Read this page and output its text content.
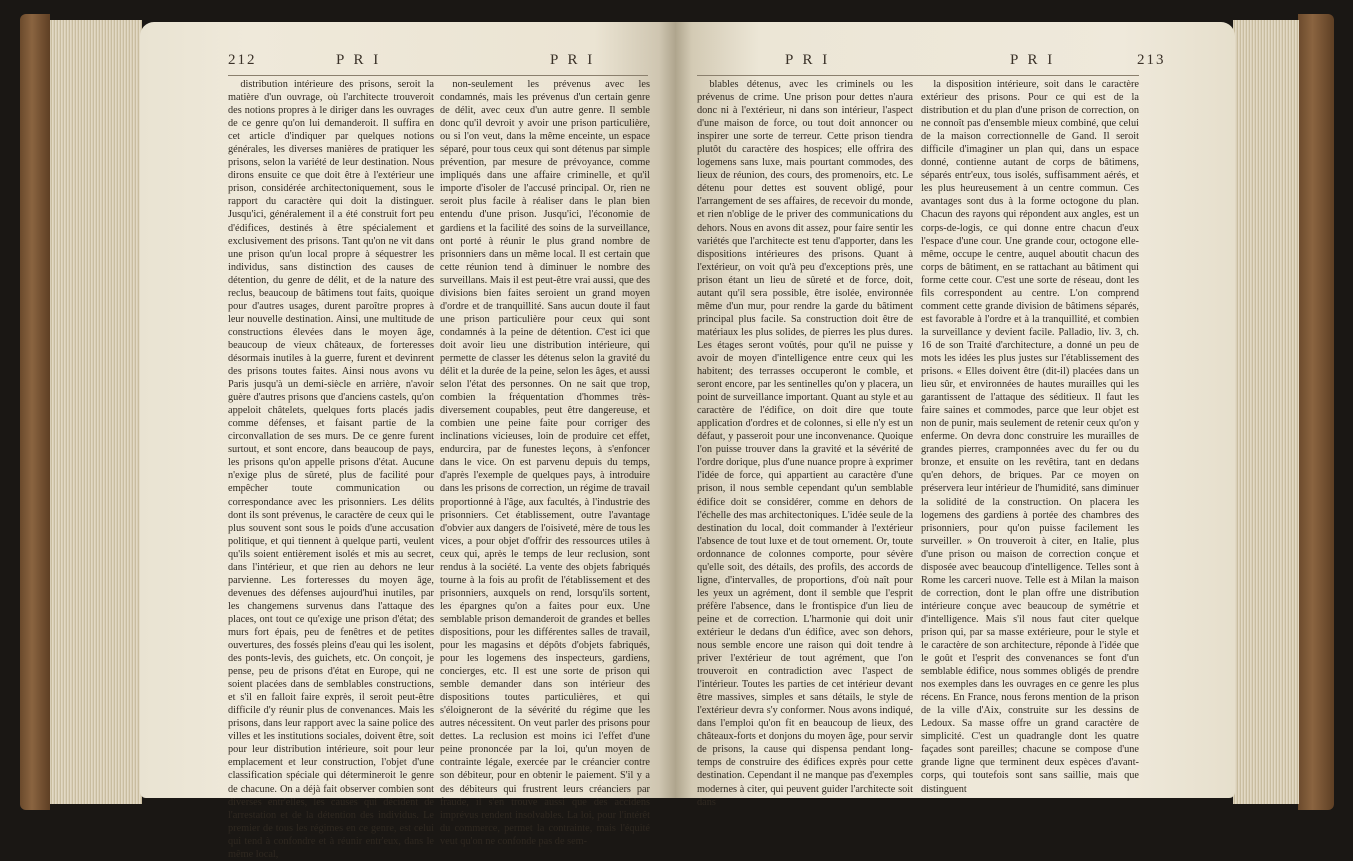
212	P R I	P R I

distribution intérieure des prisons, seroit la matière d'un ouvrage, où l'architecte trouveroit des notions propres à le diriger dans les ouvrages de ce genre qu'on lui demanderoit. Il suffira en cet article d'indiquer par quelques notions générales, les diverses manières de pratiquer les prisons, selon la variété de leur destination. Nous dirons ensuite ce que doit être à l'extérieur une prison, considérée architectoniquement, sous le rapport du caractère qui doit la distinguer. Jusqu'ici, généralement il a été construit fort peu d'édifices, destinés à être spécialement et exclusivement des prisons. Tant qu'on ne vit dans une prison qu'un local propre à séquestrer les individus, sans distinction des causes de détention, du genre de délit, et de la nature des reclus, beaucoup de bâtimens tout faits, quoique pour d'autres usages, durent paroître propres à leur nouvelle destination. Ainsi, une multitude de constructions élevées dans le moyen âge, beaucoup de vieux châteaux, de forteresses désormais inutiles à la guerre, furent et devinrent des prisons toutes faites. Ainsi nous avons vu Paris jusqu'à un demi-siècle en arrière, n'avoir guère d'autres prisons que d'anciens castels, qu'on appeloit châtelets, quelques forts placés jadis comme défenses, et faisant partie de la circonvallation de ses murs. De ce genre furent surtout, et sont encore, dans beaucoup de pays, les prisons qu'on appelle prisons d'état. Aucune n'exige plus de sûreté, plus de facilité pour empêcher toute communication ou correspondance avec les prisonniers. Les délits dont ils sont prévenus, le caractère de ceux qui le plus souvent sont sous le poids d'une accusation politique, et qui tiennent à quelque parti, veulent qu'ils soient entièrement isolés et mis au secret, dans l'intérieur, et que rien au dehors ne leur parvienne. Les forteresses du moyen âge, devenues des défenses aujourd'hui inutiles, par les changemens survenus dans l'attaque des places, ont tout ce qu'exige une prison d'état; des murs fort épais, peu de fenêtres et de petites ouvertures, des fossés pleins d'eau qui les isolent, des ponts-levis, des guichets, etc. On conçoit, je pense, peu de prisons d'état en Europe, qui ne soient placées dans de semblables constructions, et s'il en falloit faire exprès, il seroit peut-être difficile d'y réunir plus de convenances. Mais les prisons, dans leur rapport avec la saine police des villes et les institutions sociales, doivent être, soit pour leur distribution intérieure, soit pour leur emplacement et leur construction, l'objet d'une classification spéciale qui détermineroit le genre de chacune. On a déjà fait observer combien sont diverses entr'elles, les causes qui décident de l'arrestation et de la détention des individus. Le premier de tous les régimes en ce genre, est celui qui tend à confondre et à réunir entr'eux, dans le même local,

non-seulement les prévenus avec les condamnés, mais les prévenus d'un certain genre de délit, avec ceux d'un autre genre. Il semble donc qu'il devroit y avoir une prison particulière, ou si l'on veut, dans la même enceinte, un espace séparé, pour tous ceux qui sont détenus par simple prévention, par mesure de prévoyance, comme impliqués dans une affaire criminelle, et qu'il importe d'isoler de l'accusé principal. Or, rien ne seroit plus facile à réaliser dans le plan bien entendu d'une prison. Jusqu'ici, l'économie de gardiens et la facilité des soins de la surveillance, ont porté à réunir le plus grand nombre de prisonniers dans un même local. Il est certain que cette réunion tend à diminuer le nombre des surveillans. Mais il est peut-être vrai aussi, que des divisions bien faites seroient un grand moyen d'ordre et de tranquillité. Sans aucun doute il faut une prison particulière pour ceux qui sont condamnés à la peine de détention. C'est ici que doit avoir lieu une distribution intérieure, qui permette de classer les détenus selon la gravité du délit et la durée de la peine, selon les âges, et aussi selon l'état des personnes. On ne sait que trop, combien la fréquentation d'hommes très-diversement coupables, peut être dangereuse, et combien une peine faite pour corriger des inclinations vicieuses, loin de produire cet effet, endurcira, par de funestes leçons, à s'enfoncer dans le vice. On est parvenu depuis du temps, d'après l'exemple de quelques pays, à introduire dans les prisons de correction, un régime de travail proportionné à l'âge, aux facultés, à l'industrie des prisonniers. Cet établissement, outre l'avantage d'obvier aux dangers de l'oisiveté, mère de tous les vices, a pour objet d'offrir des ressources utiles à ceux qui, après le temps de leur reclusion, sont rendus à la société. La vente des objets fabriqués tourne à la fois au profit de l'établissement et des prisonniers, auxquels on rend, lorsqu'ils sortent, les épargnes qu'on a faites pour eux. Une semblable prison demanderoit de grandes et belles dispositions, pour les différentes salles de travail, pour les magasins et dépôts d'objets fabriqués, pour les logemens des inspecteurs, gardiens, concierges, etc. Il est une sorte de prison qui semble demander dans son intérieur des dispositions toutes particulières, et qui s'éloigneront de la sévérité du régime que les autres nécessitent. On veut parler des prisons pour dettes. La reclusion est moins ici l'effet d'une peine prononcée par la loi, qu'un moyen de contrainte légale, exercée par le créancier contre son débiteur, pour en obtenir le paiement. S'il y a des débiteurs qui frustrent leurs créanciers par fraude, il s'en trouve aussi que des accidens imprévus rendent insolvables. La loi, pour l'intérêt du commerce, permet la contrainte, mais l'équité veut qu'on ne confonde pas de sem-

P R I	P R I	213

blables détenus, avec les criminels ou les prévenus de crime. Une prison pour dettes n'aura donc ni à l'extérieur, ni dans son intérieur, l'aspect d'une maison de force, ou tout doit annoncer ou inspirer une sorte de terreur. Cette prison tiendra plutôt du caractère des hospices; elle offrira des logemens sans luxe, mais pourtant commodes, des lieux de réunion, des cours, des promenoirs, etc. Le détenu pour dettes est souvent obligé, pour l'arrangement de ses affaires, de recevoir du monde, et rien n'oblige de le priver des communications du dehors. Nous en avons dit assez, pour faire sentir les variétés que l'architecte est tenu d'apporter, dans les dispositions intérieures des prisons. Quant à l'extérieur, on voit qu'à peu d'exceptions près, une prison étant un lieu de sûreté et de force, doit, autant qu'il sera possible, être isolée, environnée même d'un mur, pour rendre la garde du bâtiment principal plus facile. Sa construction doit être de matériaux les plus solides, de pierres les plus dures. Les étages seront voûtés, pour qu'il ne puisse y avoir de moyen d'intelligence entre ceux qui les habitent; des terrasses occuperont le comble, et seront encore, par les sentinelles qu'on y placera, un point de surveillance important. Quant au style et au caractère de l'édifice, on doit dire que toute application d'ordres et de colonnes, si elle n'y est un défaut, y passeroit pour une inconvenance. Quoique l'on puisse trouver dans la gravité et la sévérité de l'ordre dorique, plus d'une nuance propre à exprimer l'idée de force, qui appartient au caractère d'une prison, il nous semble cependant qu'un semblable édifice doit se considérer, comme en dehors de l'échelle des mas architectoniques. L'idée seule de la destination du local, doit commander à l'extérieur l'absence de tout luxe et de tout ornement. Or, toute ordonnance de colonnes comporte, pour sévère qu'elle soit, des détails, des profils, des accords de ligne, d'intervalles, de proportions, d'où naît pour les yeux un agrément, dont il semble que l'esprit préfère l'absence, dans le frontispice d'un lieu de peine et de correction. L'harmonie qui doit unir extérieur le dedans d'un édifice, avec son dehors, nous semble encore une raison qui doit tendre à priver l'extérieur de tout agrément, que l'on trouveroit en contradiction avec l'aspect de l'intérieur. Toutes les parties de cet intérieur devant être massives, simples et sans détails, le style de l'extérieur devra s'y conformer. Nous avons indiqué, dans l'emploi qu'on fit en beaucoup de lieux, des châteaux-forts et donjons du moyen âge, pour servir de prisons, la cause qui dispensa pendant long-temps de construire des édifices exprès pour cette destination. Cependant il ne manque pas d'exemples modernes à citer, qui peuvent guider l'architecte soit dans

la disposition intérieure, soit dans le caractère extérieur des prisons. Pour ce qui est de la distribution et du plan d'une prison de correction, on ne connoît pas d'ensemble mieux combiné, que celui de la maison correctionnelle de Gand. Il seroit difficile d'imaginer un plan qui, dans un espace donné, contienne autant de corps de bâtimens, séparés entr'eux, tous isolés, suffisamment aérés, et les plus heureusement à un centre commun. Ces avantages sont dus à la forme octogone du plan. Chacun des rayons qui répondent aux angles, est un corps-de-logis, ce qui donne entre chacun d'eux l'espace d'une cour. Une grande cour, octogone elle-même, occupe le centre, auquel aboutit chacun des corps de bâtiment, en se rattachant au bâtiment qui forme cette cour. C'est une sorte de réseau, dont les fils correspondent au centre. L'on comprend comment cette grande division de bâtimens séparés, est favorable à l'ordre et à la tranquillité, et combien la surveillance y devient facile. Palladio, liv. 3, ch. 16 de son Traité d'architecture, a donné un peu de mots les idées les plus justes sur l'établissement des prisons. « Elles doivent être (dit-il) placées dans un lieu sûr, et environnées de hautes murailles qui les garantissent de l'attaque des séditieux. Il faut les faire saines et commodes, parce que leur objet est non de punir, mais seulement de retenir ceux qu'on y enferme. On devra donc construire les murailles de grandes pierres, cramponnées avec du fer ou du bronze, et ensuite on les revêtira, tant en dedans qu'en dehors, de briques. Par ce moyen on préservera leur intérieur de l'humidité, sans diminuer la solidité de la construction. On placera les logemens des gardiens à portée des chambres des prisonniers, pour qu'on puisse facilement les surveiller. » On trouveroit à citer, en Italie, plus d'une prison ou maison de correction conçue et disposée avec beaucoup d'intelligence. Telles sont à Rome les carceri nuove. Telle est à Milan la maison de correction, dont le plan offre une distribution intérieure conçue avec beaucoup de symétrie et d'intelligence. Mais s'il nous faut citer quelque prison qui, par sa masse extérieure, pour le style et le caractère de son architecture, réponde à l'idée que le goût et l'esprit des convenances se font d'un semblable édifice, nous sommes obligés de prendre nos exemples dans les ouvrages en ce genre les plus récens. En France, nous ferons mention de la prison de la ville d'Aix, construite sur les dessins de Ledoux. Sa masse offre un grand caractère de simplicité. C'est un quadrangle dont les quatre façades sont pareilles; chacune se compose d'une grande ligne que terminent deux espèces d'avant-corps, qui toutefois sont sans saillie, mais que distinguent
